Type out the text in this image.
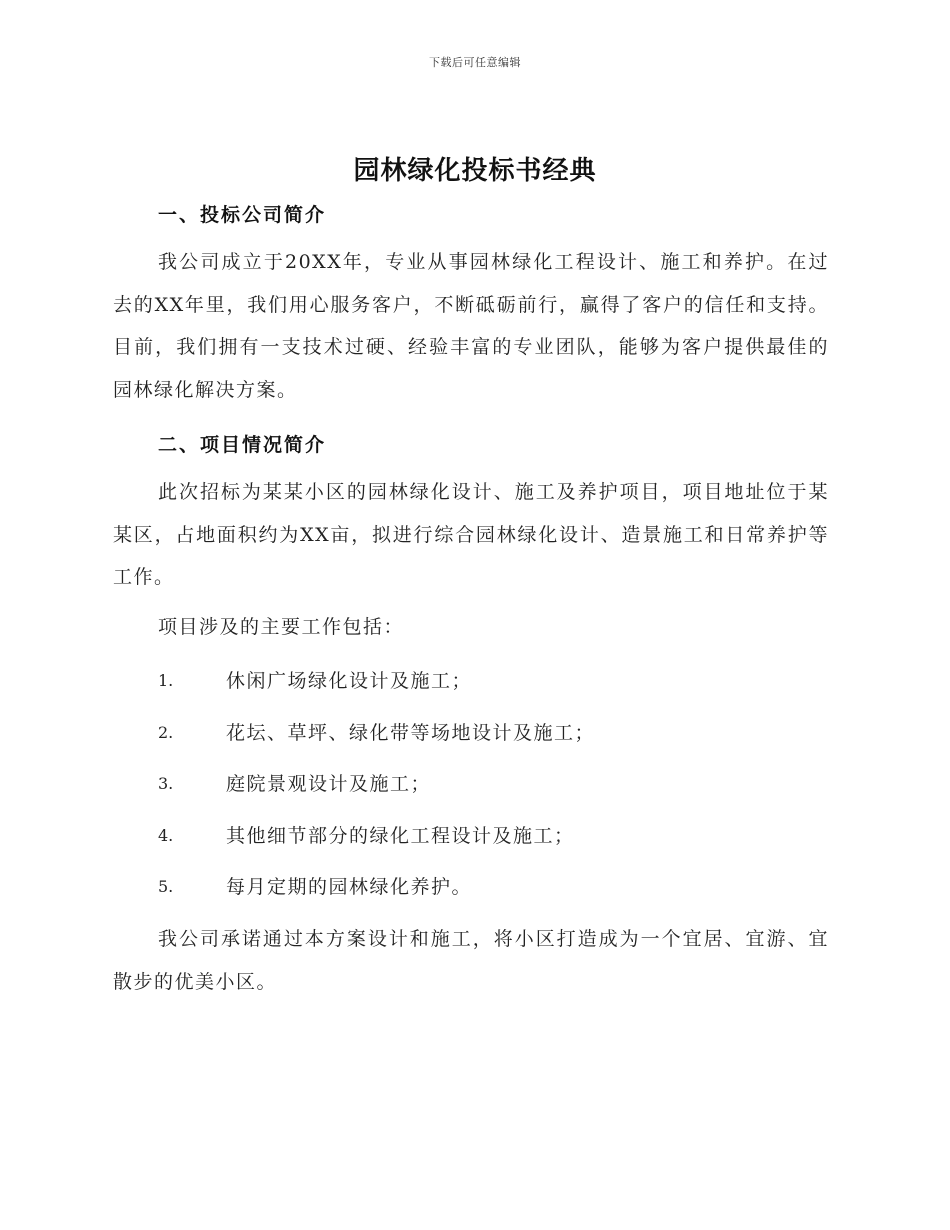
下载后可任意编辑
园林绿化投标书经典
一、投标公司简介

我公司成立于20XX年，专业从事园林绿化工程设计、施工和养护。在过去的XX年里，我们用心服务客户，不断砥砺前行，赢得了客户的信任和支持。目前，我们拥有一支技术过硬、经验丰富的专业团队，能够为客户提供最佳的园林绿化解决方案。

二、项目情况简介

此次招标为某某小区的园林绿化设计、施工及养护项目，项目地址位于某某区，占地面积约为XX亩，拟进行综合园林绿化设计、造景施工和日常养护等工作。

项目涉及的主要工作包括：

1.	休闲广场绿化设计及施工；
2.	花坛、草坪、绿化带等场地设计及施工；
3.	庭院景观设计及施工；
4.	其他细节部分的绿化工程设计及施工；
5.	每月定期的园林绿化养护。

我公司承诺通过本方案设计和施工，将小区打造成为一个宜居、宜游、宜散步的优美小区。
